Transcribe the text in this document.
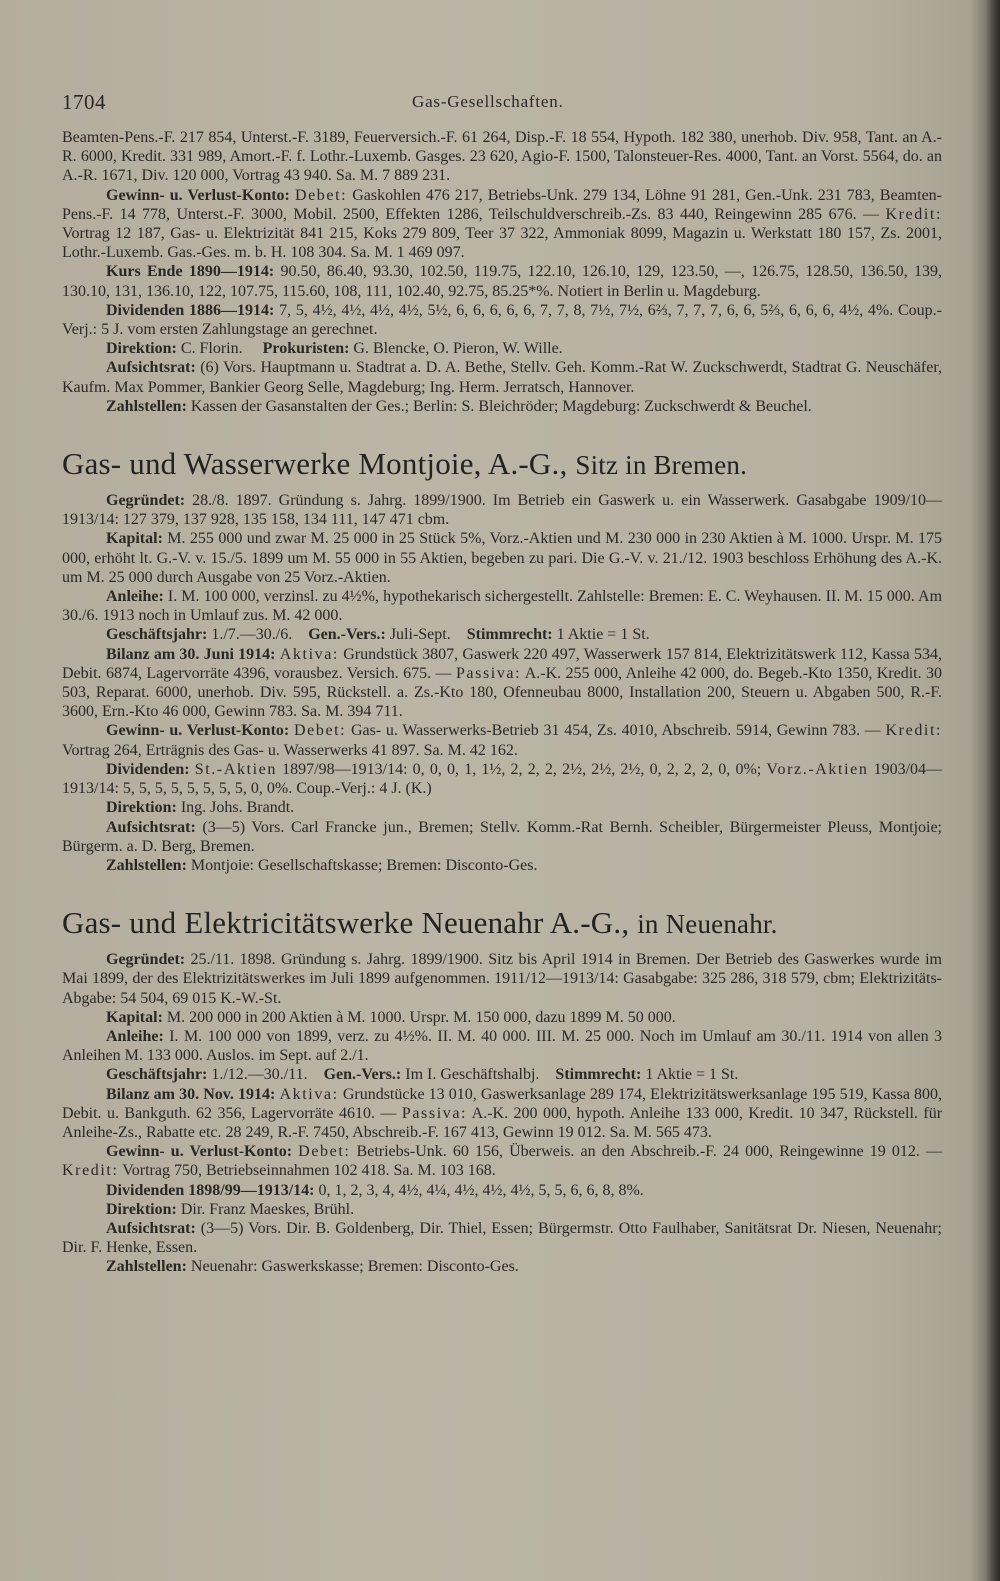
1704	Gas-Gesellschaften.

Beamten-Pens.-F. 217 854, Unterst.-F. 3189, Feuerversich.-F. 61 264, Disp.-F. 18 554, Hypoth. 182 380, unerhob. Div. 958, Tant. an A.-R. 6000, Kredit. 331 989, Amort.-F. f. Lothr.-Luxemb. Gasges. 23 620, Agio-F. 1500, Talonsteuer-Res. 4000, Tant. an Vorst. 5564, do. an A.-R. 1671, Div. 120 000, Vortrag 43 940. Sa. M. 7 889 231.

Gewinn- u. Verlust-Konto: Debet: Gaskohlen 476 217, Betriebs-Unk. 279 134, Löhne 91 281, Gen.-Unk. 231 783, Beamten-Pens.-F. 14 778, Unterst.-F. 3000, Mobil. 2500, Effekten 1286, Teilschuldverschreib.-Zs. 83 440, Reingewinn 285 676. — Kredit: Vortrag 12 187, Gas- u. Elektrizität 841 215, Koks 279 809, Teer 37 322, Ammoniak 8099, Magazin u. Werkstatt 180 157, Zs. 2001, Lothr.-Luxemb. Gas.-Ges. m. b. H. 108 304. Sa. M. 1 469 097.

Kurs Ende 1890—1914: 90.50, 86.40, 93.30, 102.50, 119.75, 122.10, 126.10, 129, 123.50, —, 126.75, 128.50, 136.50, 139, 130.10, 131, 136.10, 122, 107.75, 115.60, 108, 111, 102.40, 92.75, 85.25*%. Notiert in Berlin u. Magdeburg.

Dividenden 1886—1914: 7, 5, 4½, 4½, 4½, 4½, 5½, 6, 6, 6, 6, 6, 7, 7, 8, 7½, 7½, 6⅔, 7, 7, 7, 6, 6, 5⅔, 6, 6, 6, 4½, 4%. Coup.-Verj.: 5 J. vom ersten Zahlungstage an gerechnet.

Direktion: C. Florin. Prokuristen: G. Blencke, O. Pieron, W. Wille.

Aufsichtsrat: (6) Vors. Hauptmann u. Stadtrat a. D. A. Bethe, Stellv. Geh. Komm.-Rat W. Zuckschwerdt, Stadtrat G. Neuschäfer, Kaufm. Max Pommer, Bankier Georg Selle, Magdeburg; Ing. Herm. Jerratsch, Hannover.

Zahlstellen: Kassen der Gasanstalten der Ges.; Berlin: S. Bleichröder; Magdeburg: Zuckschwerdt & Beuchel.

Gas- und Wasserwerke Montjoie, A.-G., Sitz in Bremen.

Gegründet: 28./8. 1897. Gründung s. Jahrg. 1899/1900. Im Betrieb ein Gaswerk u. ein Wasserwerk. Gasabgabe 1909/10—1913/14: 127 379, 137 928, 135 158, 134 111, 147 471 cbm.

Kapital: M. 255 000 und zwar M. 25 000 in 25 Stück 5%, Vorz.-Aktien und M. 230 000 in 230 Aktien à M. 1000. Urspr. M. 175 000, erhöht lt. G.-V. v. 15./5. 1899 um M. 55 000 in 55 Aktien, begeben zu pari. Die G.-V. v. 21./12. 1903 beschloss Erhöhung des A.-K. um M. 25 000 durch Ausgabe von 25 Vorz.-Aktien.

Anleihe: I. M. 100 000, verzinsl. zu 4½%, hypothekarisch sichergestellt. Zahlstelle: Bremen: E. C. Weyhausen. II. M. 15 000. Am 30./6. 1913 noch in Umlauf zus. M. 42 000.

Geschäftsjahr: 1./7.—30./6. Gen.-Vers.: Juli-Sept. Stimmrecht: 1 Aktie = 1 St.

Bilanz am 30. Juni 1914: Aktiva: Grundstück 3807, Gaswerk 220 497, Wasserwerk 157 814, Elektrizitätswerk 112, Kassa 534, Debit. 6874, Lagervorräte 4396, vorausbez. Versich. 675. — Passiva: A.-K. 255 000, Anleihe 42 000, do. Begeb.-Kto 1350, Kredit. 30 503, Reparat. 6000, unerhob. Div. 595, Rückstell. a. Zs.-Kto 180, Ofenneubau 8000, Installation 200, Steuern u. Abgaben 500, R.-F. 3600, Ern.-Kto 46 000, Gewinn 783. Sa. M. 394 711.

Gewinn- u. Verlust-Konto: Debet: Gas- u. Wasserwerks-Betrieb 31 454, Zs. 4010, Abschreib. 5914, Gewinn 783. — Kredit: Vortrag 264, Erträgnis des Gas- u. Wasserwerks 41 897. Sa. M. 42 162.

Dividenden: St.-Aktien 1897/98—1913/14: 0, 0, 0, 1, 1½, 2, 2, 2, 2½, 2½, 2½, 0, 2, 2, 2, 0, 0%; Vorz.-Aktien 1903/04—1913/14: 5, 5, 5, 5, 5, 5, 5, 5, 0, 0%. Coup.-Verj.: 4 J. (K.)

Direktion: Ing. Johs. Brandt.

Aufsichtsrat: (3—5) Vors. Carl Francke jun., Bremen; Stellv. Komm.-Rat Bernh. Scheibler, Bürgermeister Pleuss, Montjoie; Bürgerm. a. D. Berg, Bremen.

Zahlstellen: Montjoie: Gesellschaftskasse; Bremen: Disconto-Ges.

Gas- und Elektricitätswerke Neuenahr A.-G., in Neuenahr.

Gegründet: 25./11. 1898. Gründung s. Jahrg. 1899/1900. Sitz bis April 1914 in Bremen. Der Betrieb des Gaswerkes wurde im Mai 1899, der des Elektrizitätswerkes im Juli 1899 aufgenommen. 1911/12—1913/14: Gasabgabe: 325 286, 318 579, cbm; Elektrizitäts-Abgabe: 54 504, 69 015 K.-W.-St.

Kapital: M. 200 000 in 200 Aktien à M. 1000. Urspr. M. 150 000, dazu 1899 M. 50 000.

Anleihe: I. M. 100 000 von 1899, verz. zu 4½%. II. M. 40 000. III. M. 25 000. Noch im Umlauf am 30./11. 1914 von allen 3 Anleihen M. 133 000. Auslos. im Sept. auf 2./1.

Geschäftsjahr: 1./12.—30./11. Gen.-Vers.: Im I. Geschäftshalbj. Stimmrecht: 1 Aktie = 1 St.

Bilanz am 30. Nov. 1914: Aktiva: Grundstücke 13 010, Gaswerksanlage 289 174, Elektrizitätswerksanlage 195 519, Kassa 800, Debit. u. Bankguth. 62 356, Lagervorräte 4610. — Passiva: A.-K. 200 000, hypoth. Anleihe 133 000, Kredit. 10 347, Rückstell. für Anleihe-Zs., Rabatte etc. 28 249, R.-F. 7450, Abschreib.-F. 167 413, Gewinn 19 012. Sa. M. 565 473.

Gewinn- u. Verlust-Konto: Debet: Betriebs-Unk. 60 156, Überweis. an den Abschreib.-F. 24 000, Reingewinne 19 012. — Kredit: Vortrag 750, Betriebseinnahmen 102 418. Sa. M. 103 168.

Dividenden 1898/99—1913/14: 0, 1, 2, 3, 4, 4½, 4¼, 4½, 4½, 4½, 5, 5, 6, 6, 8, 8%.

Direktion: Dir. Franz Maeskes, Brühl.

Aufsichtsrat: (3—5) Vors. Dir. B. Goldenberg, Dir. Thiel, Essen; Bürgermstr. Otto Faulhaber, Sanitätsrat Dr. Niesen, Neuenahr; Dir. F. Henke, Essen.

Zahlstellen: Neuenahr: Gaswerkskasse; Bremen: Disconto-Ges.
